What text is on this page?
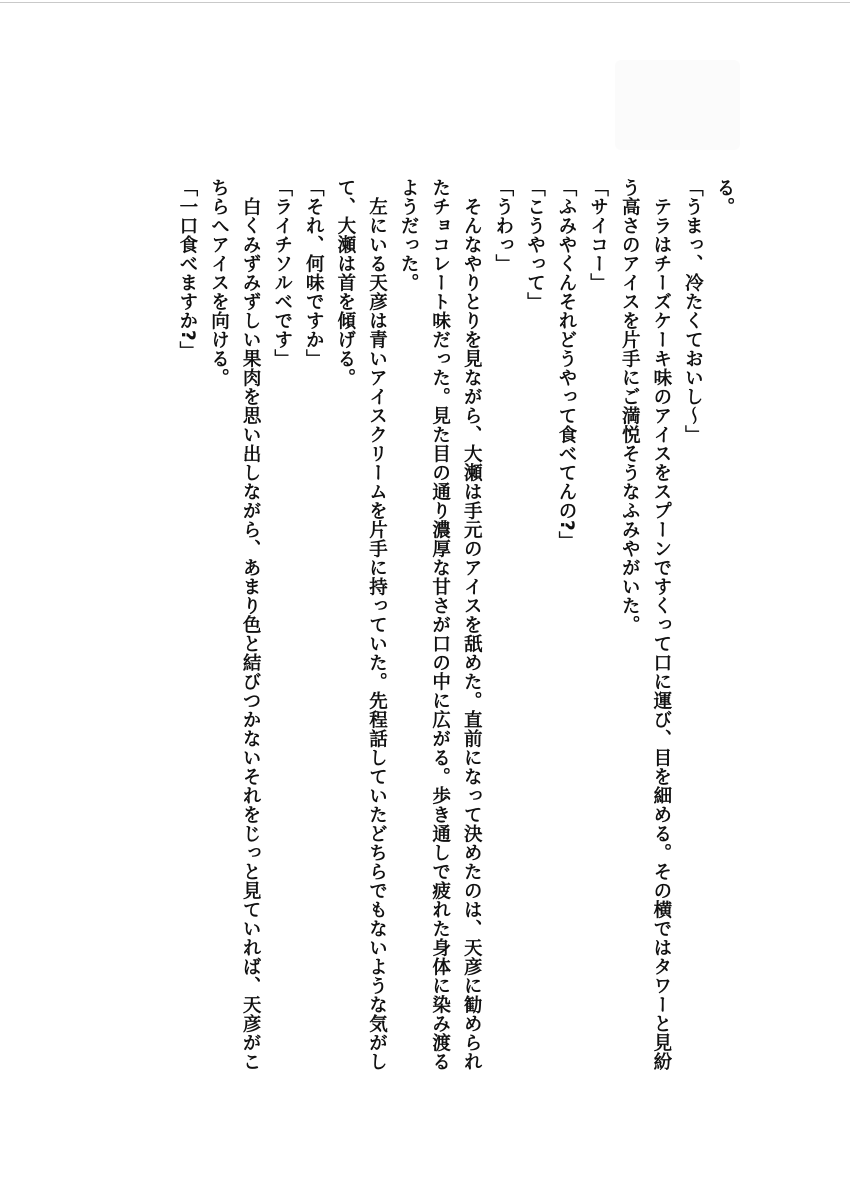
る。
「うまっ、冷たくておいし～」
　テラはチーズケーキ味のアイスをスプーンですくって口に運び、目を細める。その横ではタワーと見紛
う高さのアイスを片手にご満悦そうなふみやがいた。
「サイコー」
「ふみやくんそれどうやって食べてんの?」
「こうやって」
「うわっ」
　そんなやりとりを見ながら、大瀬は手元のアイスを舐めた。直前になって決めたのは、天彦に勧められ
たチョコレート味だった。見た目の通り濃厚な甘さが口の中に広がる。歩き通しで疲れた身体に染み渡る
ようだった。
　左にいる天彦は青いアイスクリームを片手に持っていた。先程話していたどちらでもないような気がし
て、大瀬は首を傾げる。
「それ、何味ですか」
「ライチソルベです」
　白くみずみずしい果肉を思い出しながら、あまり色と結びつかないそれをじっと見ていれば、天彦がこ
ちらへアイスを向ける。
「一口食べますか?」
